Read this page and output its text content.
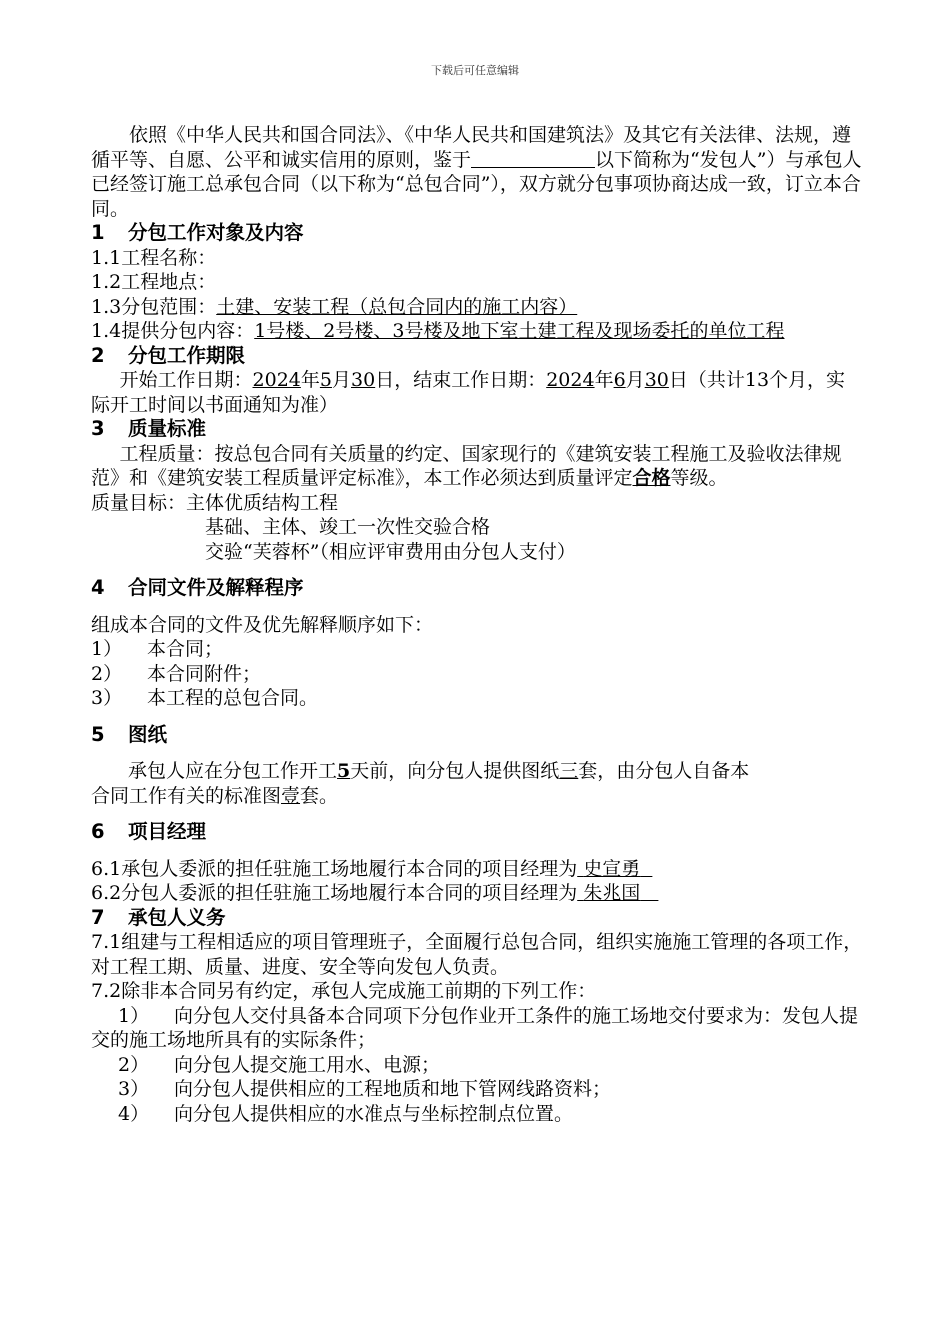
下载后可任意编辑

依照《中华人民共和国合同法》、《中华人民共和国建筑法》及其它有关法律、法规，遵循平等、自愿、公平和诚实信用的原则，鉴于	以下简称为“发包人”）与承包人已经签订施工总承包合同（以下称为“总包合同”），双方就分包事项协商达成一致，订立本合同。

1 分包工作对象及内容

1.1工程名称：

1.2工程地点：

1.3分包范围：土建、安装工程（总包合同内的施工内容）

1.4提供分包内容：1号楼、2号楼、3号楼及地下室土建工程及现场委托的单位工程

2 分包工作期限

开始工作日期：2024年5月30日，结束工作日期：2024年6月30日（共计13个月，实际开工时间以书面通知为准）

3 质量标准

工程质量：按总包合同有关质量的约定、国家现行的《建筑安装工程施工及验收法律规范》和《建筑安装工程质量评定标准》，本工作必须达到质量评定合格等级。

质量目标：主体优质结构工程

基础、主体、竣工一次性交验合格

交验“芙蓉杯”（相应评审费用由分包人支付）

4 合同文件及解释程序

组成本合同的文件及优先解释顺序如下：

1） 本合同；

2） 本合同附件；

3） 本工程的总包合同。

5 图纸

承包人应在分包工作开工5天前，向分包人提供图纸三套，由分包人自备本

合同工作有关的标准图壹套。

6 项目经理

6.1承包人委派的担任驻施工场地履行本合同的项目经理为 史宣勇

6.2分包人委派的担任驻施工场地履行本合同的项目经理为 朱兆国

7 承包人义务

7.1组建与工程相适应的项目管理班子，全面履行总包合同，组织实施施工管理的各项工作，对工程工期、质量、进度、安全等向发包人负责。

7.2除非本合同另有约定，承包人完成施工前期的下列工作：

1）	向分包人交付具备本合同项下分包作业开工条件的施工场地交付要求为：发包人提交的施工场地所具有的实际条件；

2） 向分包人提交施工用水、电源；

3） 向分包人提供相应的工程地质和地下管网线路资料；

4） 向分包人提供相应的水准点与坐标控制点位置。
